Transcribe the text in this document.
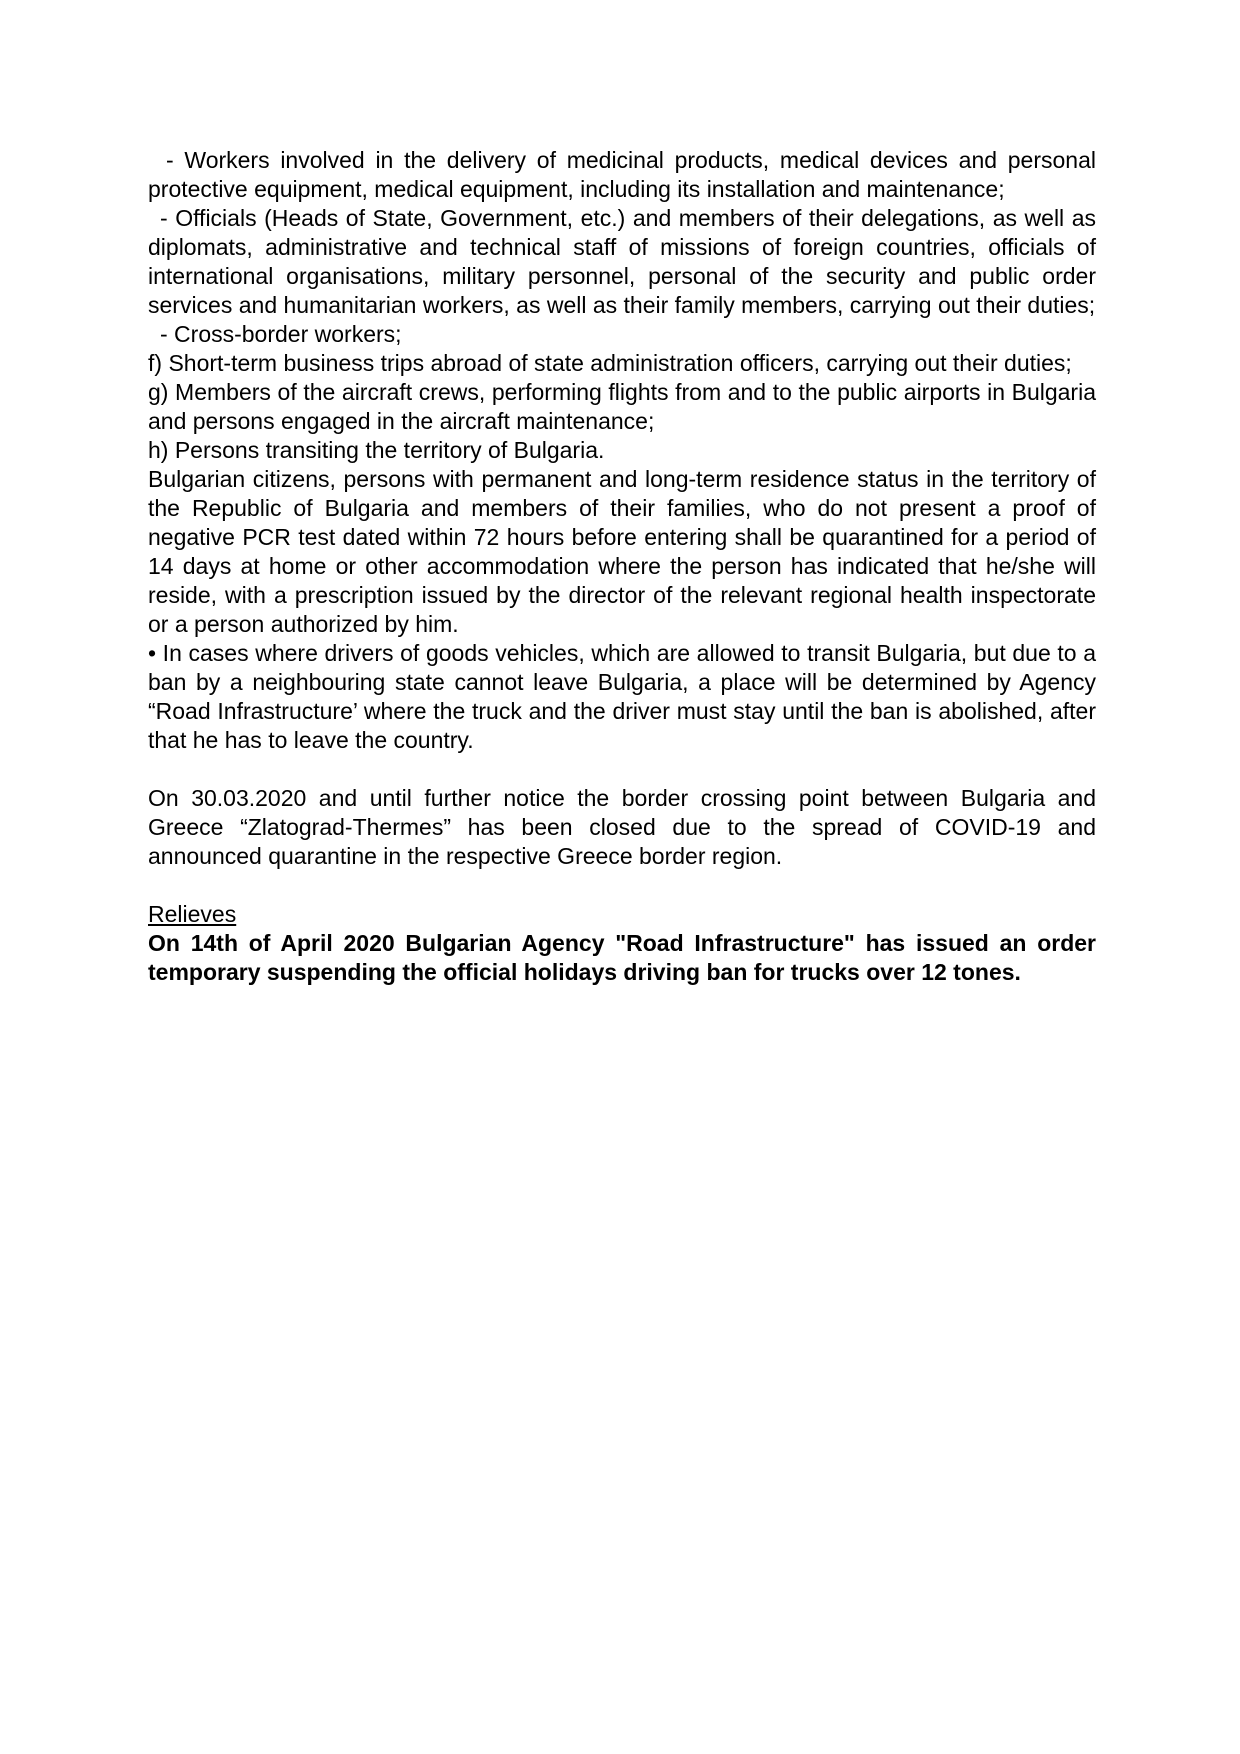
- Workers involved in the delivery of medicinal products, medical devices and personal protective equipment, medical equipment, including its installation and maintenance;

- Officials (Heads of State, Government, etc.) and members of their delegations, as well as diplomats, administrative and technical staff of missions of foreign countries, officials of international organisations, military personnel, personal of the security and public order services and humanitarian workers, as well as their family members, carrying out their duties;

- Cross-border workers;

f) Short-term business trips abroad of state administration officers, carrying out their duties;

g) Members of the aircraft crews, performing flights from and to the public airports in Bulgaria and persons engaged in the aircraft maintenance;

h) Persons transiting the territory of Bulgaria.

Bulgarian citizens, persons with permanent and long-term residence status in the territory of the Republic of Bulgaria and members of their families, who do not present a proof of negative PCR test dated within 72 hours before entering shall be quarantined for a period of 14 days at home or other accommodation where the person has indicated that he/she will reside, with a prescription issued by the director of the relevant regional health inspectorate or a person authorized by him.

• In cases where drivers of goods vehicles, which are allowed to transit Bulgaria, but due to a ban by a neighbouring state cannot leave Bulgaria, a place will be determined by Agency “Road Infrastructure’ where the truck and the driver must stay until the ban is abolished, after that he has to leave the country.

On 30.03.2020 and until further notice the border crossing point between Bulgaria and Greece “Zlatograd-Thermes” has been closed due to the spread of COVID-19 and announced quarantine in the respective Greece border region.

Relieves

On 14th of April 2020 Bulgarian Agency "Road Infrastructure" has issued an order temporary suspending the official holidays driving ban for trucks over 12 tones.
